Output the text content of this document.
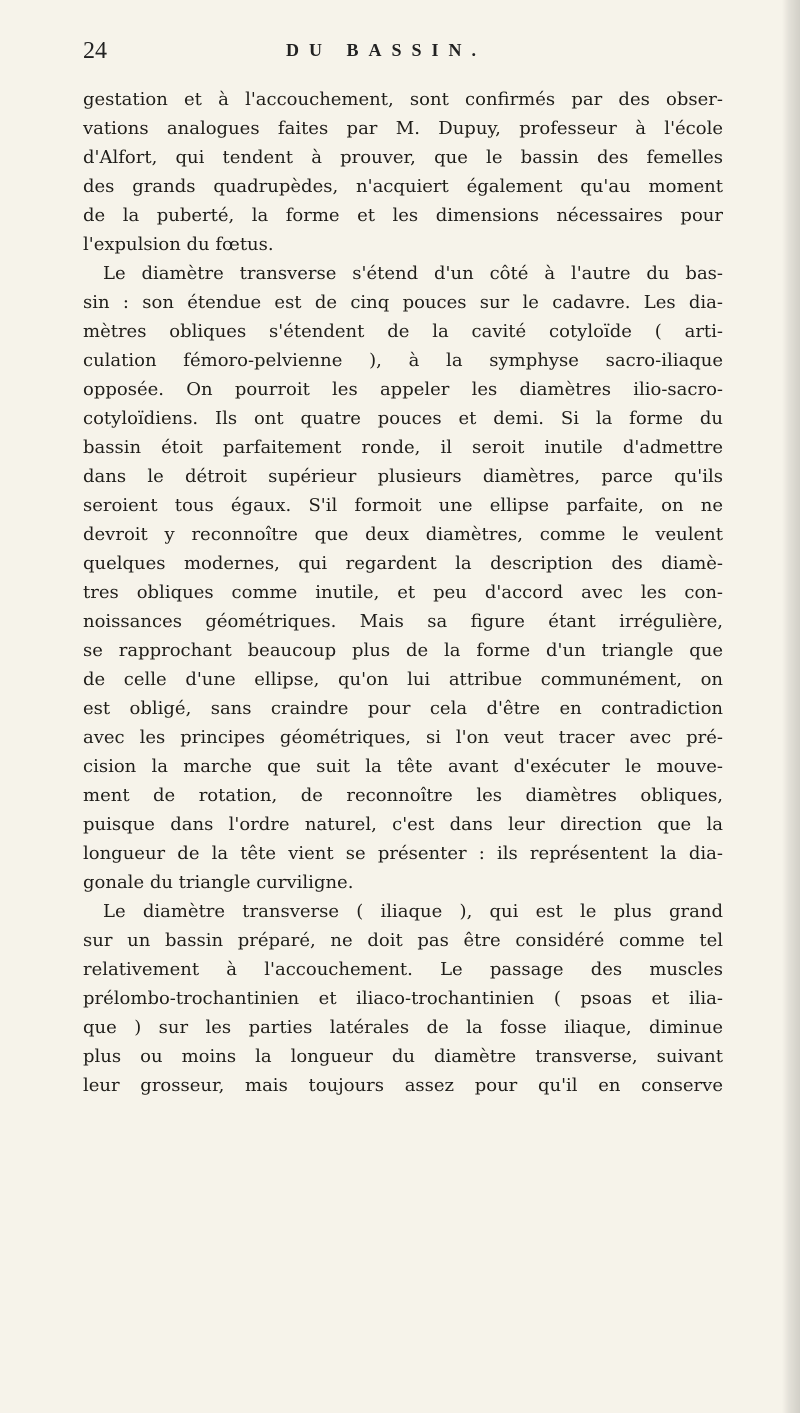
24	DU BASSIN.
gestation et à l'accouchement, sont confirmés par des obser-
vations analogues faites par M. Dupuy, professeur à l'école
d'Alfort, qui tendent à prouver, que le bassin des femelles
des grands quadrupèdes, n'acquiert également qu'au moment
de la puberté, la forme et les dimensions nécessaires pour
l'expulsion du fœtus.
Le diamètre transverse s'étend d'un côté à l'autre du bas-
sin : son étendue est de cinq pouces sur le cadavre. Les dia-
mètres obliques s'étendent de la cavité cotyloïde ( arti-
culation fémoro-pelvienne ), à la symphyse sacro-iliaque
opposée. On pourroit les appeler les diamètres ilio-sacro-
cotyloïdiens. Ils ont quatre pouces et demi. Si la forme du
bassin étoit parfaitement ronde, il seroit inutile d'admettre
dans le détroit supérieur plusieurs diamètres, parce qu'ils
seroient tous égaux. S'il formoit une ellipse parfaite, on ne
devroit y reconnoître que deux diamètres, comme le veulent
quelques modernes, qui regardent la description des diamè-
tres obliques comme inutile, et peu d'accord avec les con-
noissances géométriques. Mais sa figure étant irrégulière,
se rapprochant beaucoup plus de la forme d'un triangle que
de celle d'une ellipse, qu'on lui attribue communément, on
est obligé, sans craindre pour cela d'être en contradiction
avec les principes géométriques, si l'on veut tracer avec pré-
cision la marche que suit la tête avant d'exécuter le mouve-
ment de rotation, de reconnoître les diamètres obliques,
puisque dans l'ordre naturel, c'est dans leur direction que la
longueur de la tête vient se présenter : ils représentent la dia-
gonale du triangle curviligne.
Le diamètre transverse ( iliaque ), qui est le plus grand
sur un bassin préparé, ne doit pas être considéré comme tel
relativement à l'accouchement. Le passage des muscles
prélombo-trochantinien et iliaco-trochantinien ( psoas et ilia-
que ) sur les parties latérales de la fosse iliaque, diminue
plus ou moins la longueur du diamètre transverse, suivant
leur grosseur, mais toujours assez pour qu'il en conserve
